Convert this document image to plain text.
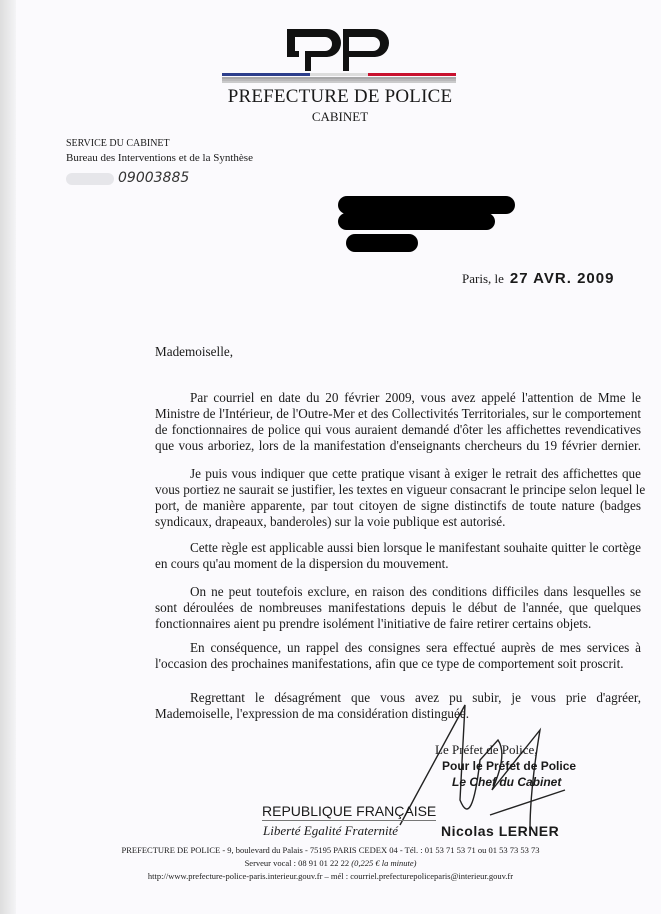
PREFECTURE DE POLICE
CABINET
SERVICE DU CABINET
Bureau des Interventions et de la Synthèse
09003885
Paris, le 27 AVR. 2009
Mademoiselle,
Par courriel en date du 20 février 2009, vous avez appelé l'attention de Mme le
Ministre de l'Intérieur, de l'Outre-Mer et des Collectivités Territoriales, sur le comportement
de fonctionnaires de police qui vous auraient demandé d'ôter les affichettes revendicatives
que vous arboriez, lors de la manifestation d'enseignants chercheurs du 19 février dernier.
Je puis vous indiquer que cette pratique visant à exiger le retrait des affichettes que
vous portiez ne saurait se justifier, les textes en vigueur consacrant le principe selon lequel le
port, de manière apparente, par tout citoyen de signe distinctifs de toute nature (badges
syndicaux, drapeaux, banderoles) sur la voie publique est autorisé.
Cette règle est applicable aussi bien lorsque le manifestant souhaite quitter le cortège
en cours qu'au moment de la dispersion du mouvement.
On ne peut toutefois exclure, en raison des conditions difficiles dans lesquelles se
sont déroulées de nombreuses manifestations depuis le début de l'année, que quelques
fonctionnaires aient pu prendre isolément l'initiative de faire retirer certains objets.
En conséquence, un rappel des consignes sera effectué auprès de mes services à
l'occasion des prochaines manifestations, afin que ce type de comportement soit proscrit.
Regrettant le désagrément que vous avez pu subir, je vous prie d'agréer,
Mademoiselle, l'expression de ma considération distinguée.
Le Préfet de Police,
Pour le Préfet de Police
Le Chef du Cabinet
Nicolas LERNER
REPUBLIQUE FRANÇAISE
Liberté Egalité Fraternité
PREFECTURE DE POLICE - 9, boulevard du Palais - 75195 PARIS CEDEX 04 - Tél. : 01 53 71 53 71 ou 01 53 73 53 73
Serveur vocal : 08 91 01 22 22 (0,225 € la minute)
http://www.prefecture-police-paris.interieur.gouv.fr – mél : courriel.prefecturepoliceparis@interieur.gouv.fr
